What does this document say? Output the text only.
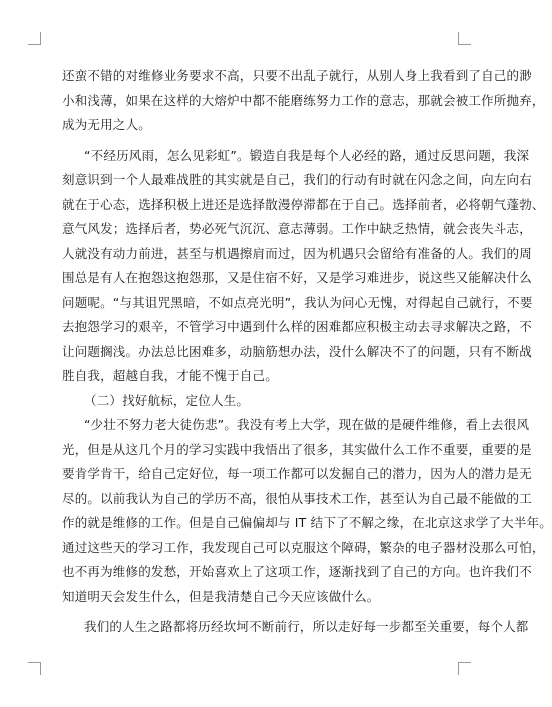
还蛮不错的对维修业务要求不高，只要不出乱子就行，从别人身上我看到了自己的渺
小和浅薄，如果在这样的大熔炉中都不能磨练努力工作的意志，那就会被工作所抛弃，
成为无用之人。
“不经历风雨，怎么见彩虹”。锻造自我是每个人必经的路，通过反思问题，我深
刻意识到一个人最难战胜的其实就是自己，我们的行动有时就在闪念之间，向左向右
就在于心态，选择积极上进还是选择散漫停滞都在于自己。选择前者，必将朝气蓬勃、
意气风发；选择后者，势必死气沉沉、意志薄弱。工作中缺乏热情，就会丧失斗志，
人就没有动力前进，甚至与机遇擦肩而过，因为机遇只会留给有准备的人。我们的周
围总是有人在抱怨这抱怨那，又是住宿不好，又是学习难进步，说这些又能解决什么
问题呢。“与其诅咒黑暗，不如点亮光明”，我认为问心无愧，对得起自己就行，不要
去抱怨学习的艰辛，不管学习中遇到什么样的困难都应积极主动去寻求解决之路，不
让问题搁浅。办法总比困难多，动脑筋想办法，没什么解决不了的问题，只有不断战
胜自我，超越自我，才能不愧于自己。
（二）找好航标，定位人生。
“少壮不努力老大徒伤悲”。我没有考上大学，现在做的是硬件维修，看上去很风
光，但是从这几个月的学习实践中我悟出了很多，其实做什么工作不重要，重要的是
要肯学肯干，给自己定好位，每一项工作都可以发掘自己的潜力，因为人的潜力是无
尽的。以前我认为自己的学历不高，很怕从事技术工作，甚至认为自己最不能做的工
作的就是维修的工作。但是自己偏偏却与 IT 结下了不解之缘，在北京这求学了大半年。
通过这些天的学习工作，我发现自己可以克服这个障碍，繁杂的电子器材没那么可怕，
也不再为维修的发愁，开始喜欢上了这项工作，逐渐找到了自己的方向。也许我们不
知道明天会发生什么，但是我清楚自己今天应该做什么。
我们的人生之路都将历经坎坷不断前行，所以走好每一步都至关重要，每个人都
